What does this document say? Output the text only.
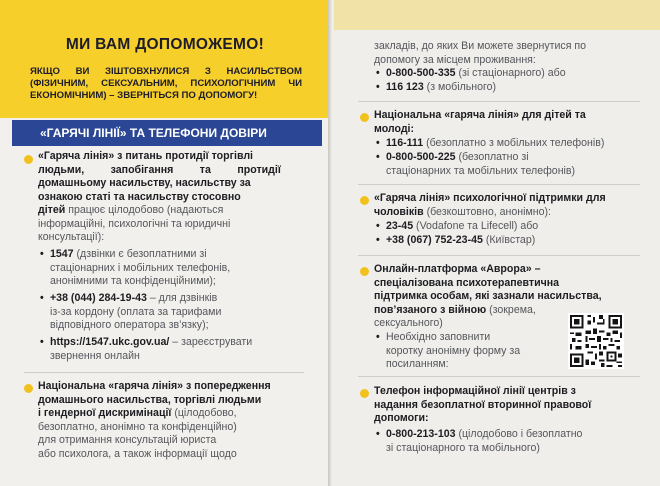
МИ ВАМ ДОПОМОЖЕМО!

ЯКЩО ВИ ЗІШТОВХНУЛИСЯ З НАСИЛЬСТВОМ (ФІЗИЧНИМ, СЕКСУАЛЬНИМ, ПСИХОЛОГІЧНИМ ЧИ ЕКОНОМІЧНИМ) – ЗВЕРНІТЬСЯ ПО ДОПОМОГУ!

«ГАРЯЧІ ЛІНІЇ» ТА ТЕЛЕФОНИ ДОВІРИ
«Гаряча лінія» з питань протидії торгівлі
людьми,         запобігання         та         протидії
домашньому насильству, насильству за
ознакою статі та насильству стосовно
дітей працює цілодобово (надаються
інформаційні, психологічні та юридичні
консультації):
• 1547 (дзвінки є безоплатними зі
стаціонарних і мобільних телефонів,
анонімними та конфіденційними);
• +38 (044) 284-19-43 – для дзвінків
із-за кордону (оплата за тарифами
відповідного оператора зв’язку);
• https://1547.ukc.gov.ua/ – зареєструвати
звернення онлайн
Національна «гаряча лінія» з попередження
домашнього насильства, торгівлі людьми
і гендерної дискримінації (цілодобово,
безоплатно, анонімно та конфіденційно)
для отримання консультацій юриста
або психолога, а також інформації щодо
закладів, до яких Ви можете звернутися по
допомогу за місцем проживання:
• 0-800-500-335 (зі стаціонарного) або
• 116 123 (з мобільного)
Національна «гаряча лінія» для дітей та
молоді:
• 116-111 (безоплатно з мобільних телефонів)
• 0-800-500-225 (безоплатно зі
стаціонарних та мобільних телефонів)
«Гаряча лінія» психологічної підтримки для
чоловіків (безкоштовно, анонімно):
• 23-45 (Vodafone та Lifecell) або
• +38 (067) 752-23-45 (Київстар)
Онлайн-платформа «Аврора» –
спеціалізована психотерапевтична
підтримка особам, які зазнали насильства,
пов’язаного з війною (зокрема,
сексуального)
• Необхідно заповнити
коротку анонімну форму за
посиланням:
Телефон інформаційної лінії центрів з
надання безоплатної вторинної правової
допомоги:
• 0-800-213-103 (цілодобово і безоплатно
зі стаціонарного та мобільного)
